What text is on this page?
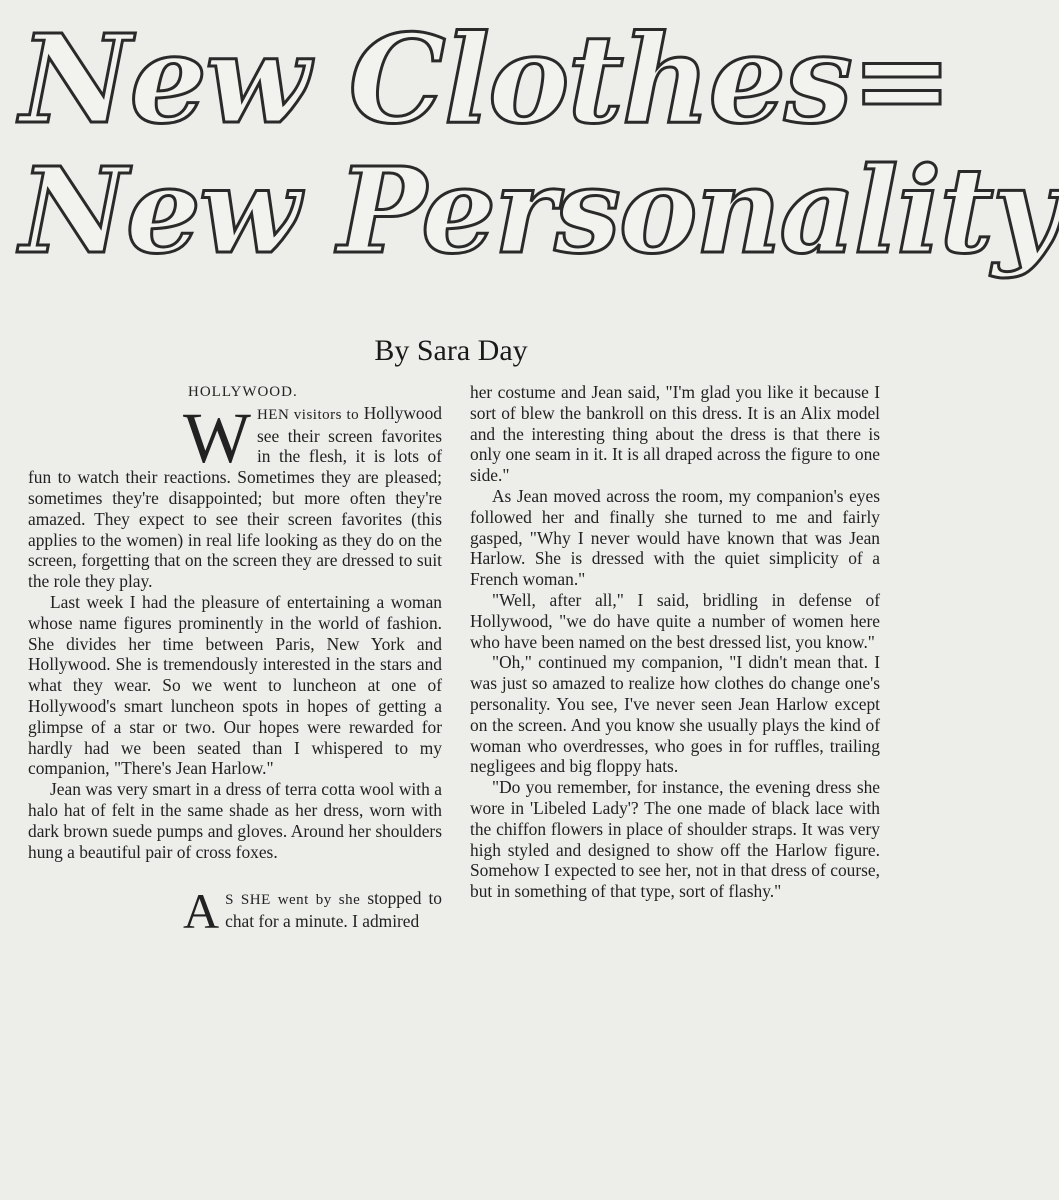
New Clothes=
New Personality
By Sara Day
HOLLYWOOD.

W HEN visitors to Hollywood see their screen favorites in the flesh, it is lots of fun to watch their reactions. Sometimes they are pleased; sometimes they're disappointed; but more often they're amazed. They expect to see their screen favorites (this applies to the women) in real life looking as they do on the screen, forgetting that on the screen they are dressed to suit the role they play.

Last week I had the pleasure of entertaining a woman whose name figures prominently in the world of fashion. She divides her time between Paris, New York and Hollywood. She is tremendously interested in the stars and what they wear. So we went to luncheon at one of Hollywood's smart luncheon spots in hopes of getting a glimpse of a star or two. Our hopes were rewarded for hardly had we been seated than I whispered to my companion, "There's Jean Harlow."

Jean was very smart in a dress of terra cotta wool with a halo hat of felt in the same shade as her dress, worn with dark brown suede pumps and gloves. Around her shoulders hung a beautiful pair of cross foxes.

A S SHE went by she stopped to chat for a minute. I admired

her costume and Jean said, "I'm glad you like it because I sort of blew the bankroll on this dress. It is an Alix model and the interesting thing about the dress is that there is only one seam in it. It is all draped across the figure to one side."

As Jean moved across the room, my companion's eyes followed her and finally she turned to me and fairly gasped, "Why I never would have known that was Jean Harlow. She is dressed with the quiet simplicity of a French woman."

"Well, after all," I said, bridling in defense of Hollywood, "we do have quite a number of women here who have been named on the best dressed list, you know."

"Oh," continued my companion, "I didn't mean that. I was just so amazed to realize how clothes do change one's personality. You see, I've never seen Jean Harlow except on the screen. And you know she usually plays the kind of woman who overdresses, who goes in for ruffles, trailing negligees and big floppy hats.

"Do you remember, for instance, the evening dress she wore in 'Libeled Lady'? The one made of black lace with the chiffon flowers in place of shoulder straps. It was very high styled and designed to show off the Harlow figure. Somehow I expected to see her, not in that dress of course, but in something of that type, sort of flashy."
